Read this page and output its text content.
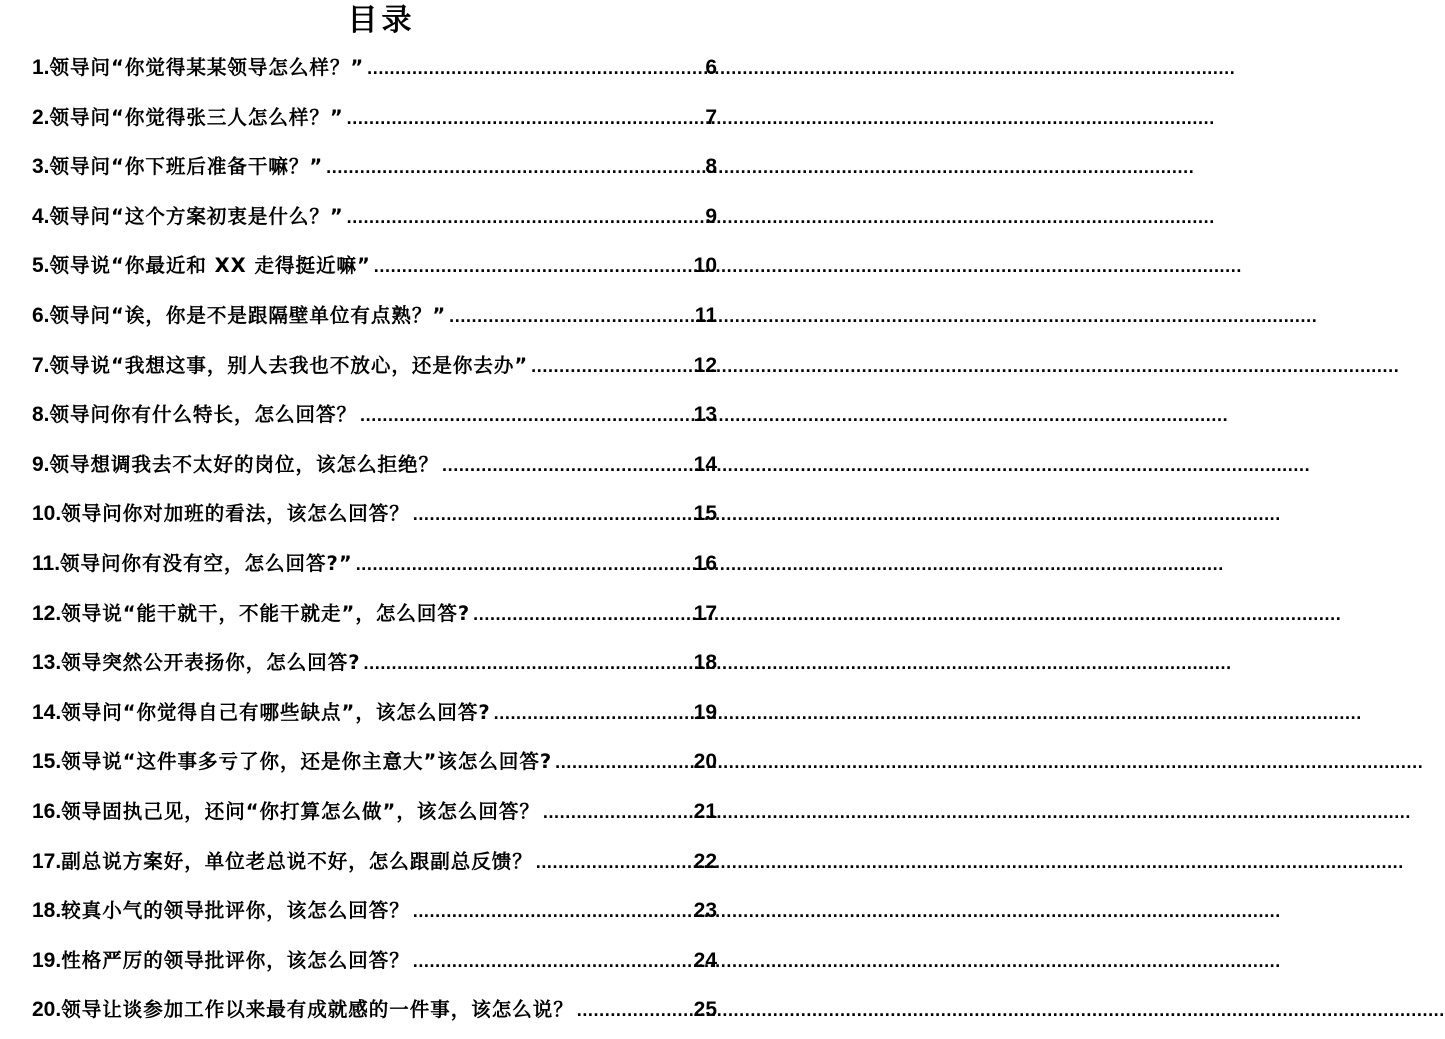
目录
1.领导问“你觉得某某领导怎么样？” .....	6
2.领导问“你觉得张三人怎么样？” .....	7
3.领导问“你下班后准备干嘛？” .....	8
4.领导问“这个方案初衷是什么？” .....	9
5.领导说“你最近和 XX 走得挺近嘛” .....	10
6.领导问“诶，你是不是跟隔壁单位有点熟？” .....	11
7.领导说“我想这事，别人去我也不放心，还是你去办” .....	12
8.领导问你有什么特长，怎么回答？ .....	13
9.领导想调我去不太好的岗位，该怎么拒绝？ .....	14
10.领导问你对加班的看法，该怎么回答？ .....	15
11.领导问你有没有空，怎么回答?” .....	16
12.领导说“能干就干，不能干就走”，怎么回答? .....	17
13.领导突然公开表扬你，怎么回答? .....	18
14.领导问“你觉得自己有哪些缺点”，该怎么回答? .....	19
15.领导说“这件事多亏了你，还是你主意大”该怎么回答? .....	20
16.领导固执己见，还问“你打算怎么做”，该怎么回答？ .....	21
17.副总说方案好，单位老总说不好，怎么跟副总反馈？ .....	22
18.较真小气的领导批评你，该怎么回答？ .....	23
19.性格严厉的领导批评你，该怎么回答？ .....	24
20.领导让谈参加工作以来最有成就感的一件事，该怎么说？ .....	25
